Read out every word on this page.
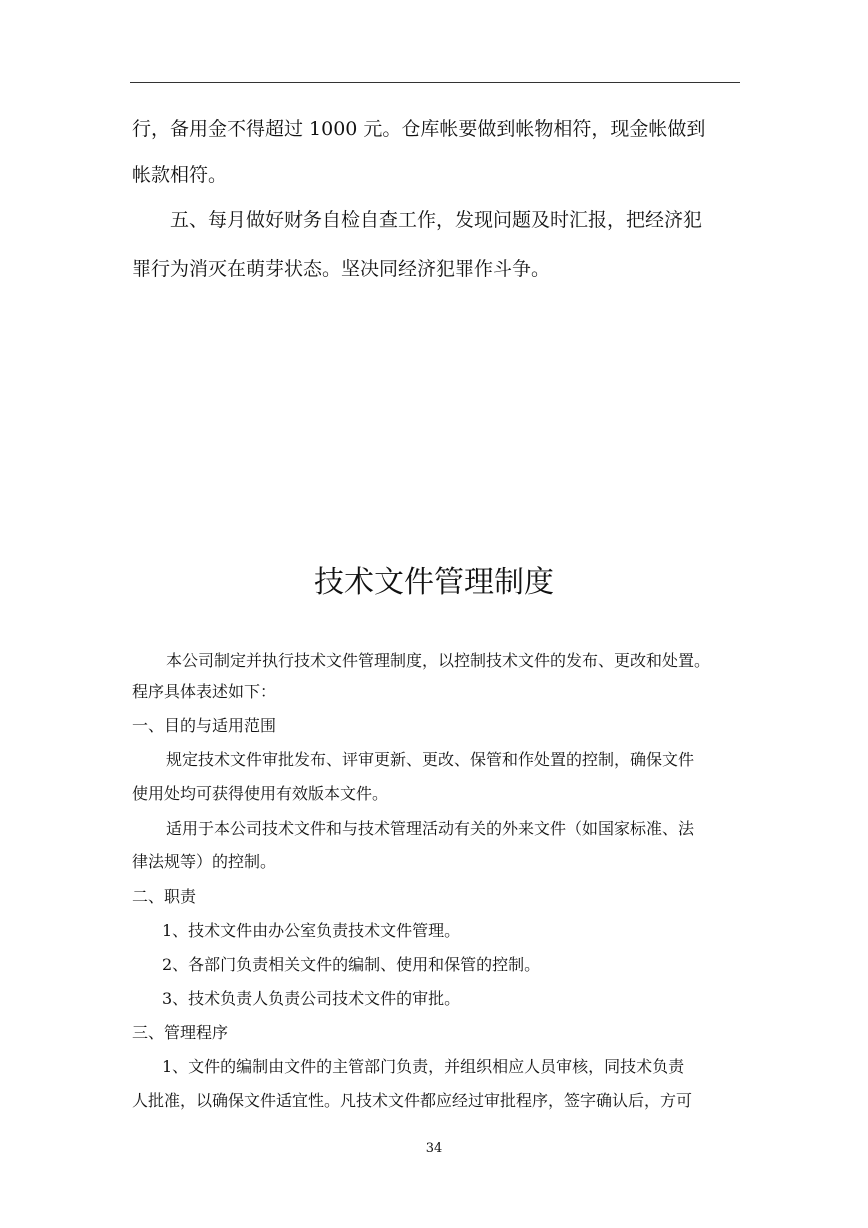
行，备用金不得超过 1000 元。仓库帐要做到帐物相符，现金帐做到
帐款相符。
五、每月做好财务自检自查工作，发现问题及时汇报，把经济犯
罪行为消灭在萌芽状态。坚决同经济犯罪作斗争。
技术文件管理制度
本公司制定并执行技术文件管理制度，以控制技术文件的发布、更改和处置。
程序具体表述如下：
一、目的与适用范围
规定技术文件审批发布、评审更新、更改、保管和作处置的控制，确保文件
使用处均可获得使用有效版本文件。
适用于本公司技术文件和与技术管理活动有关的外来文件（如国家标准、法
律法规等）的控制。
二、职责
1、技术文件由办公室负责技术文件管理。
2、各部门负责相关文件的编制、使用和保管的控制。
3、技术负责人负责公司技术文件的审批。
三、管理程序
1、文件的编制由文件的主管部门负责，并组织相应人员审核，同技术负责
人批准，以确保文件适宜性。凡技术文件都应经过审批程序，签字确认后，方可
34
